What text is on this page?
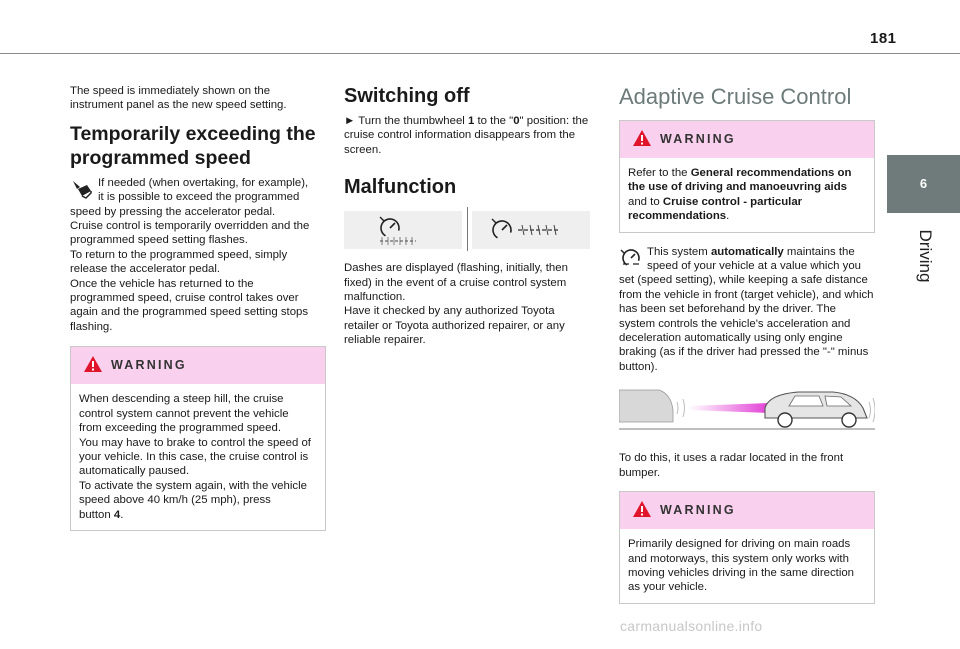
181
6
Driving

The speed is immediately shown on the instrument panel as the new speed setting.

Temporarily exceeding the programmed speed

If needed (when overtaking, for example),
it is possible to exceed the programmed
speed by pressing the accelerator pedal.
Cruise control is temporarily overridden and the
programmed speed setting flashes.
To return to the programmed speed, simply
release the accelerator pedal.
Once the vehicle has returned to the
programmed speed, cruise control takes over
again and the programmed speed setting stops
flashing.

WARNING
When descending a steep hill, the cruise
control system cannot prevent the vehicle
from exceeding the programmed speed.
You may have to brake to control the speed of
your vehicle. In this case, the cruise control is
automatically paused.
To activate the system again, with the vehicle
speed above 40 km/h (25 mph), press
button 4.
Switching off

► Turn the thumbwheel 1 to the "0" position: the cruise control information disappears from the screen.

Malfunction

Dashes are displayed (flashing, initially, then
fixed) in the event of a cruise control system
malfunction.
Have it checked by any authorized Toyota
retailer or Toyota authorized repairer, or any
reliable repairer.

Adaptive Cruise Control
WARNING
Refer to the General recommendations on the use of driving and manoeuvring aids and to Cruise control - particular recommendations.

This system automatically maintains the speed of your vehicle at a value which you set (speed setting), while keeping a safe distance from the vehicle in front (target vehicle), and which has been set beforehand by the driver. The system controls the vehicle's acceleration and deceleration automatically using only engine braking (as if the driver had pressed the "-" minus button).

To do this, it uses a radar located in the front bumper.

WARNING
Primarily designed for driving on main roads
and motorways, this system only works with
moving vehicles driving in the same direction
as your vehicle.
carmanualsonline.info
